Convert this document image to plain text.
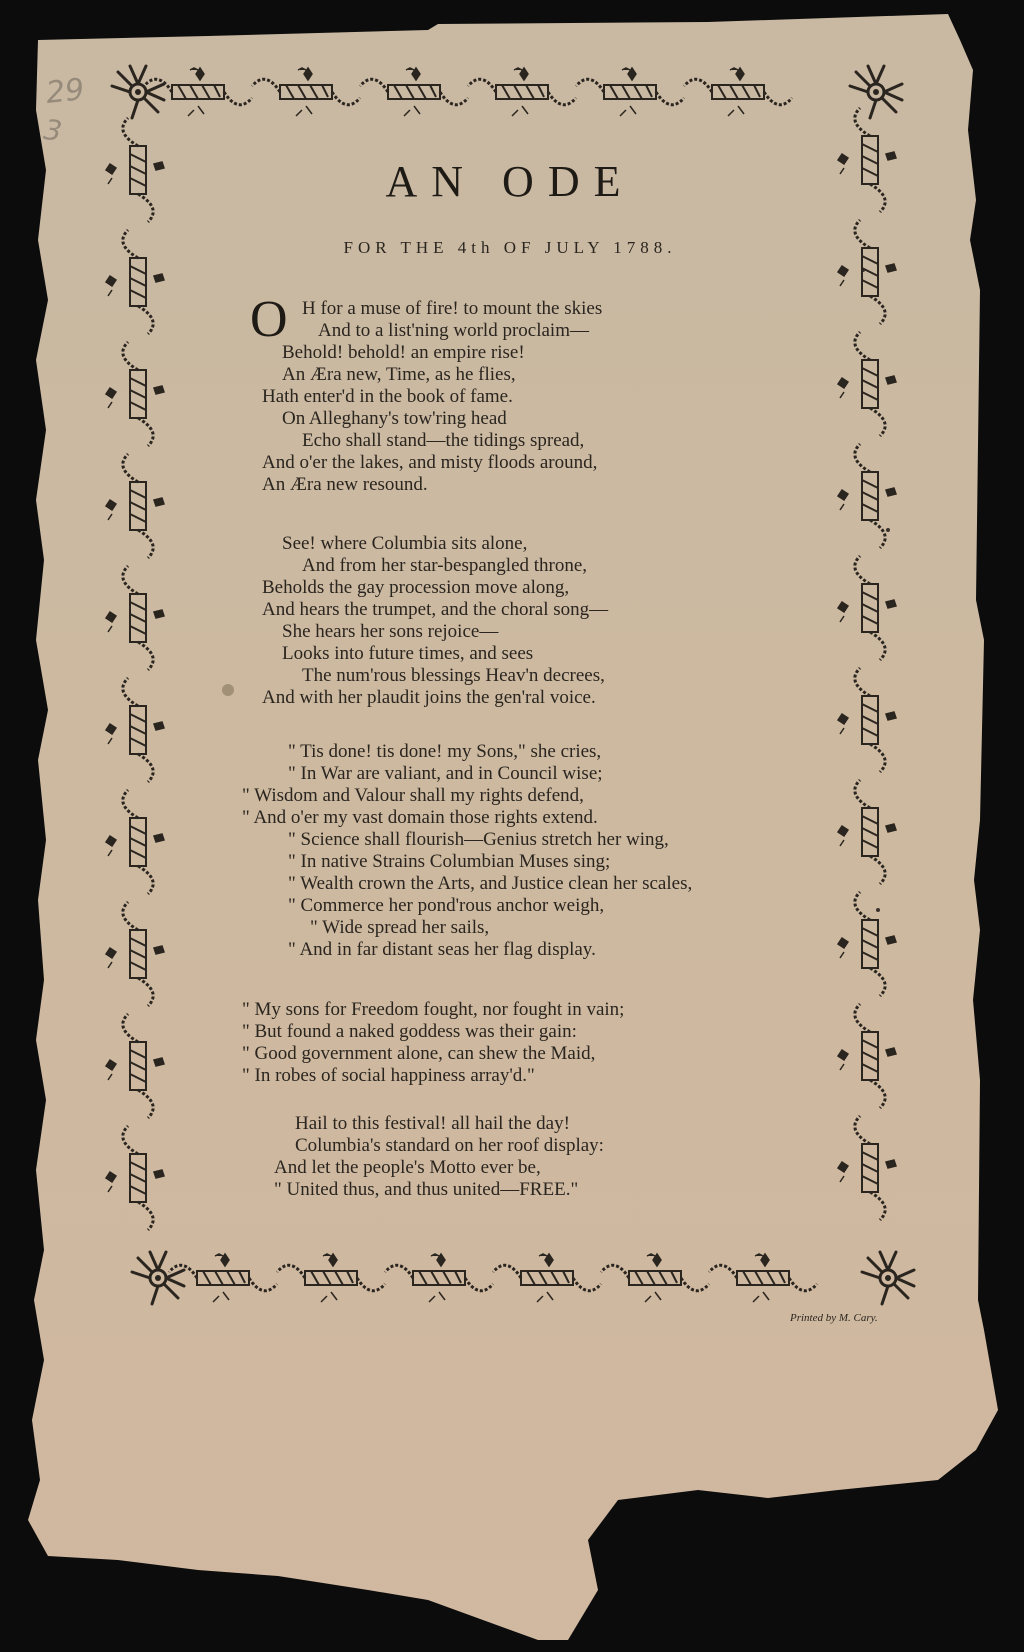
29
3
AN ODE
FOR THE 4th OF JULY 1788.
O H for a muse of fire! to mount the skies
And to a list'ning world proclaim—
Behold! behold! an empire rise!
An Æra new, Time, as he flies,
Hath enter'd in the book of fame.
On Alleghany's tow'ring head
Echo shall stand—the tidings spread,
And o'er the lakes, and misty floods around,
An Æra new resound.
See! where Columbia sits alone,
And from her star-bespangled throne,
Beholds the gay procession move along,
And hears the trumpet, and the choral song—
She hears her sons rejoice—
Looks into future times, and sees
The num'rous blessings Heav'n decrees,
And with her plaudit joins the gen'ral voice.
" Tis done! tis done! my Sons," she cries,
" In War are valiant, and in Council wise;
" Wisdom and Valour shall my rights defend,
" And o'er my vast domain those rights extend.
" Science shall flourish—Genius stretch her wing,
" In native Strains Columbian Muses sing;
" Wealth crown the Arts, and Justice clean her scales,
" Commerce her pond'rous anchor weigh,
" Wide spread her sails,
" And in far distant seas her flag display.
" My sons for Freedom fought, nor fought in vain;
" But found a naked goddess was their gain:
" Good government alone, can shew the Maid,
" In robes of social happiness array'd."
Hail to this festival! all hail the day!
Columbia's standard on her roof display:
And let the people's Motto ever be,
" United thus, and thus united—FREE."
Printed by M. Cary.
